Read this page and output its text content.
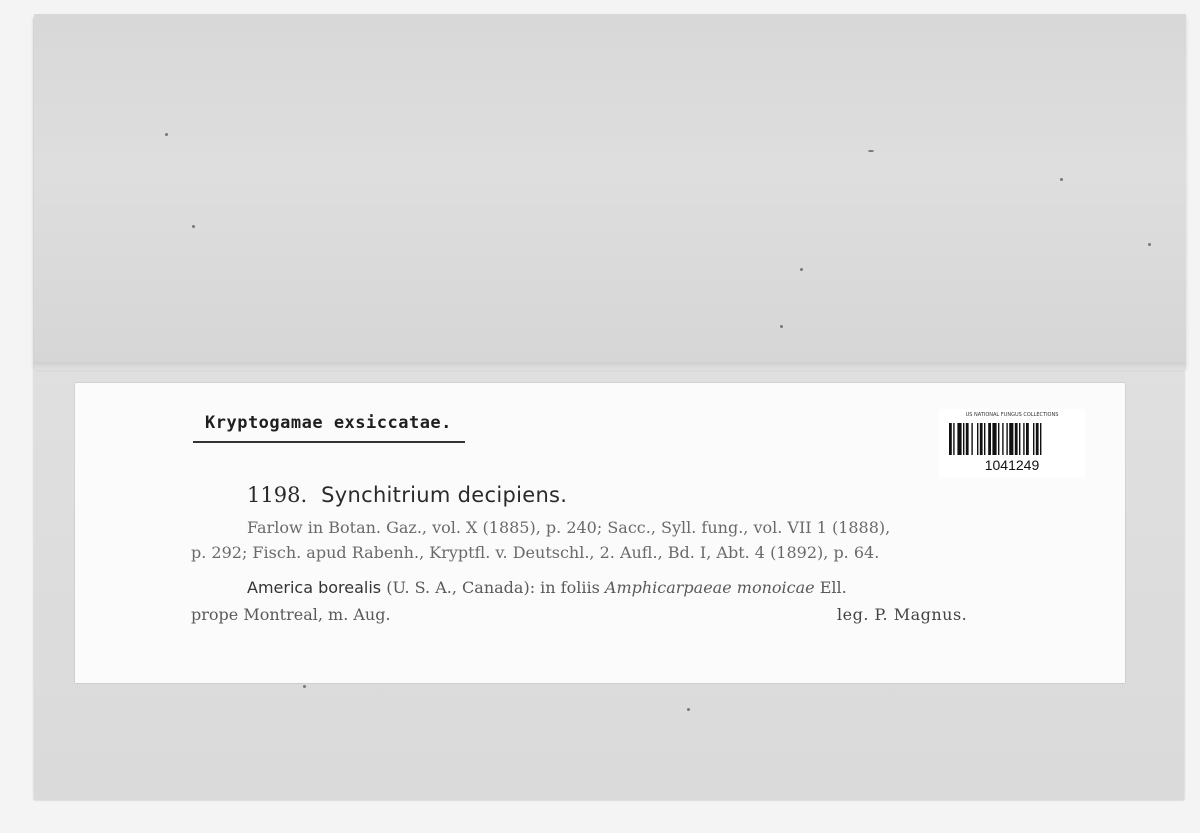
Kryptogamae exsiccatae.	US NATIONAL FUNGUS COLLECTIONS
1041249
1198. Synchitrium decipiens.
Farlow in Botan. Gaz., vol. X (1885), p. 240; Sacc., Syll. fung., vol. VII 1 (1888),
p. 292; Fisch. apud Rabenh., Kryptfl. v. Deutschl., 2. Aufl., Bd. I, Abt. 4 (1892), p. 64.
America borealis (U. S. A., Canada): in foliis Amphicarpaeae monoicae Ell.
prope Montreal, m. Aug.	leg. P. Magnus.
